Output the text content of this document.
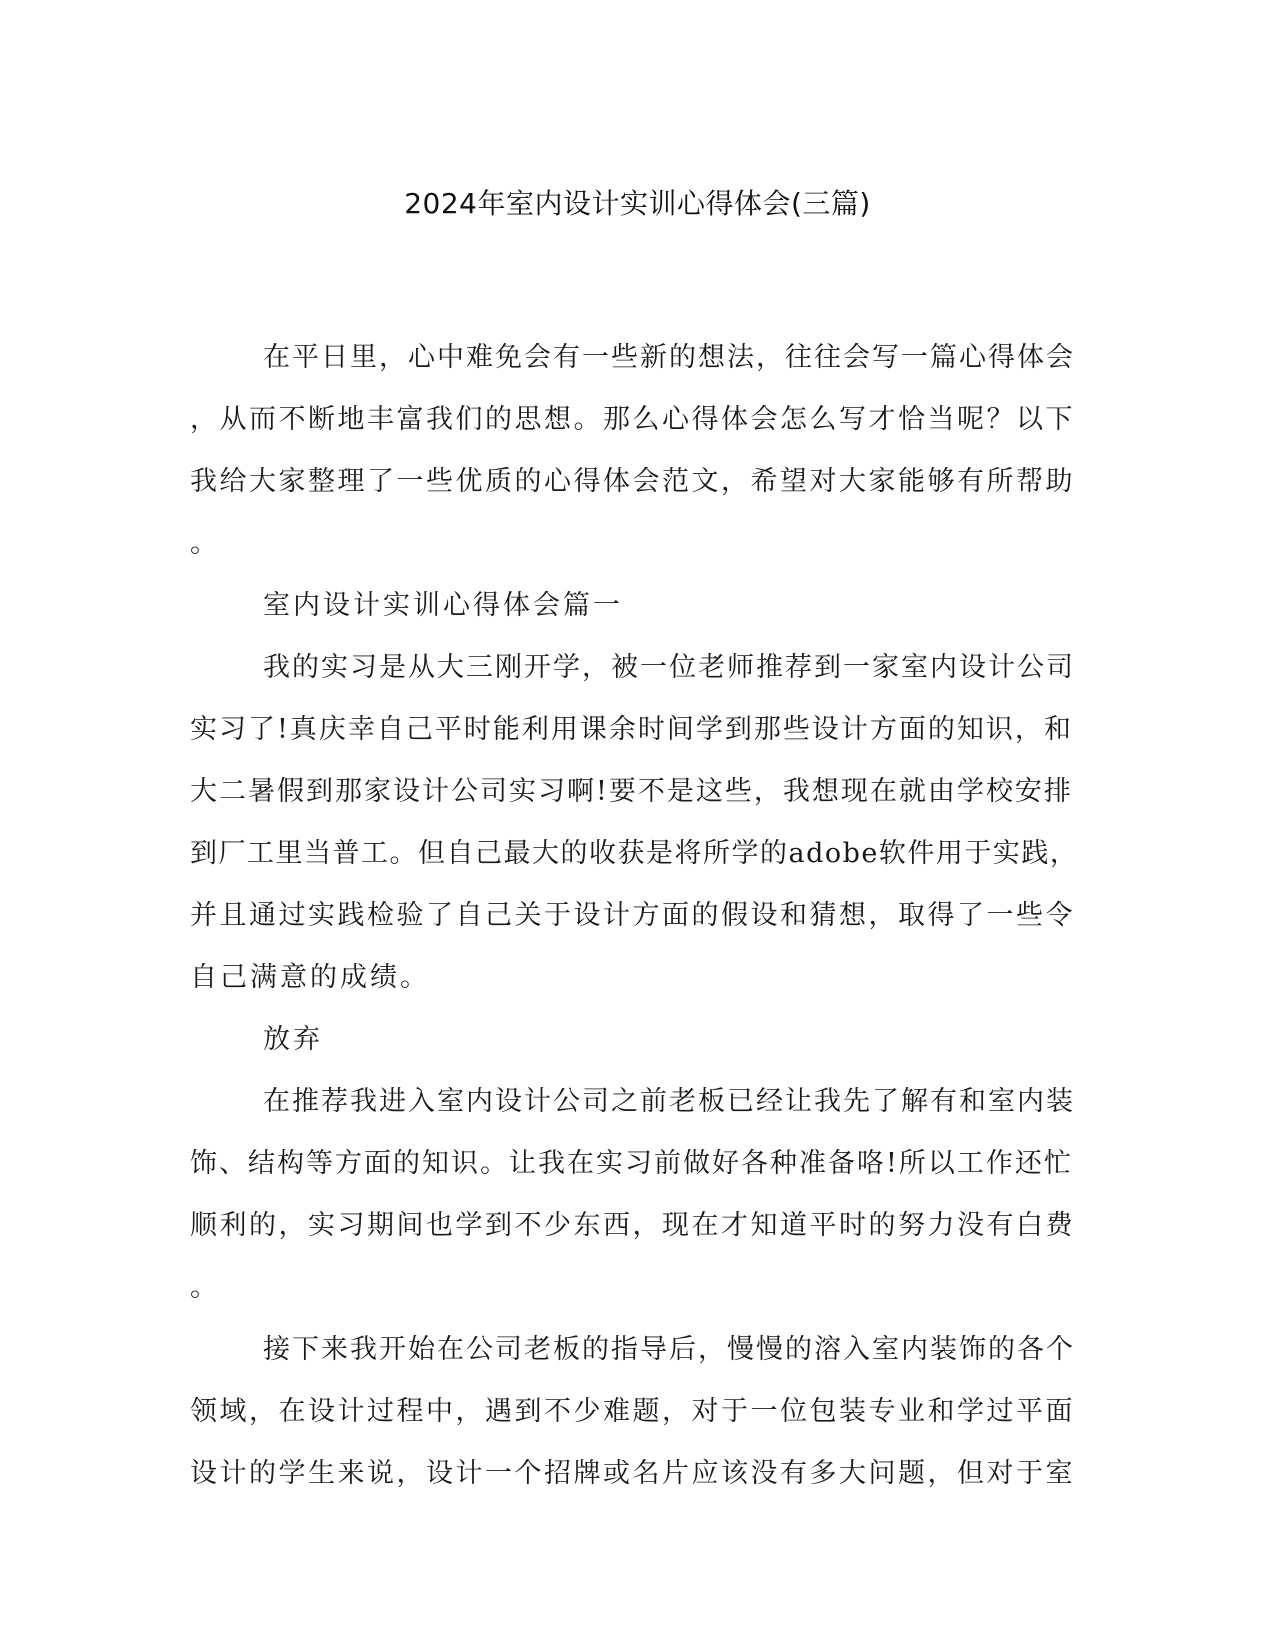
2024年室内设计实训心得体会(三篇)
在平日里，心中难免会有一些新的想法，往往会写一篇心得体会
，从而不断地丰富我们的思想。那么心得体会怎么写才恰当呢？以下
我给大家整理了一些优质的心得体会范文，希望对大家能够有所帮助
。
室内设计实训心得体会篇一
我的实习是从大三刚开学，被一位老师推荐到一家室内设计公司
实习了!真庆幸自己平时能利用课余时间学到那些设计方面的知识，和
大二暑假到那家设计公司实习啊!要不是这些，我想现在就由学校安排
到厂工里当普工。但自己最大的收获是将所学的adobe软件用于实践，
并且通过实践检验了自己关于设计方面的假设和猜想，取得了一些令
自己满意的成绩。
放弃
在推荐我进入室内设计公司之前老板已经让我先了解有和室内装
饰、结构等方面的知识。让我在实习前做好各种准备咯!所以工作还忙
顺利的，实习期间也学到不少东西，现在才知道平时的努力没有白费
。
接下来我开始在公司老板的指导后，慢慢的溶入室内装饰的各个
领域，在设计过程中，遇到不少难题，对于一位包装专业和学过平面
设计的学生来说，设计一个招牌或名片应该没有多大问题，但对于室
